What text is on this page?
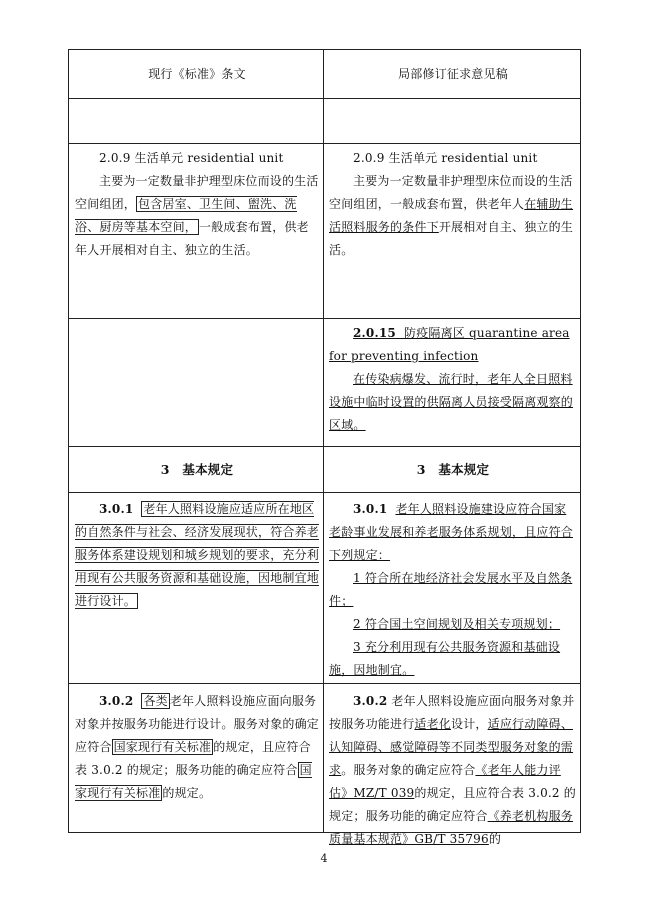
现行《标准》条文	局部修订征求意见稿
2.0.9 生活单元 residential unit
主要为一定数量非护理型床位而设的生活空间组团， 包含居室、卫生间、盥洗、洗浴、厨房等基本空间， 一般成套布置，供老年人开展相对自主、独立的生活。
2.0.9 生活单元 residential unit
主要为一定数量非护理型床位而设的生活空间组团，一般成套布置，供老年人在辅助生活照料服务的条件下开展相对自主、独立的生活。
2.0.15 防疫隔离区 quarantine area for preventing infection
在传染病爆发、流行时，老年人全日照料设施中临时设置的供隔离人员接受隔离观察的区域。
3　基本规定	3　基本规定
3.0.1 老年人照料设施应适应所在地区的自然条件与社会、经济发展现状，符合养老服务体系建设规划和城乡规划的要求，充分利用现有公共服务资源和基础设施，因地制宜地进行设计。
3.0.1 老年人照料设施建设应符合国家老龄事业发展和养老服务体系规划，且应符合下列规定：
1 符合所在地经济社会发展水平及自然条件；
2 符合国土空间规划及相关专项规划；
3 充分利用现有公共服务资源和基础设施，因地制宜。
3.0.2 各类 老年人照料设施应面向服务对象并按服务功能进行设计。服务对象的确定应符合 国家现行有关标准 的规定，且应符合表 3.0.2 的规定；服务功能的确定应符合 国家现行有关标准 的规定。
3.0.2 老年人照料设施应面向服务对象并按服务功能进行适老化设计，适应行动障碍、认知障碍、感觉障碍等不同类型服务对象的需求。服务对象的确定应符合《老年人能力评估》MZ/T 039的规定，且应符合表 3.0.2 的规定；服务功能的确定应符合《养老机构服务质量基本规范》GB/T 35796的
4
